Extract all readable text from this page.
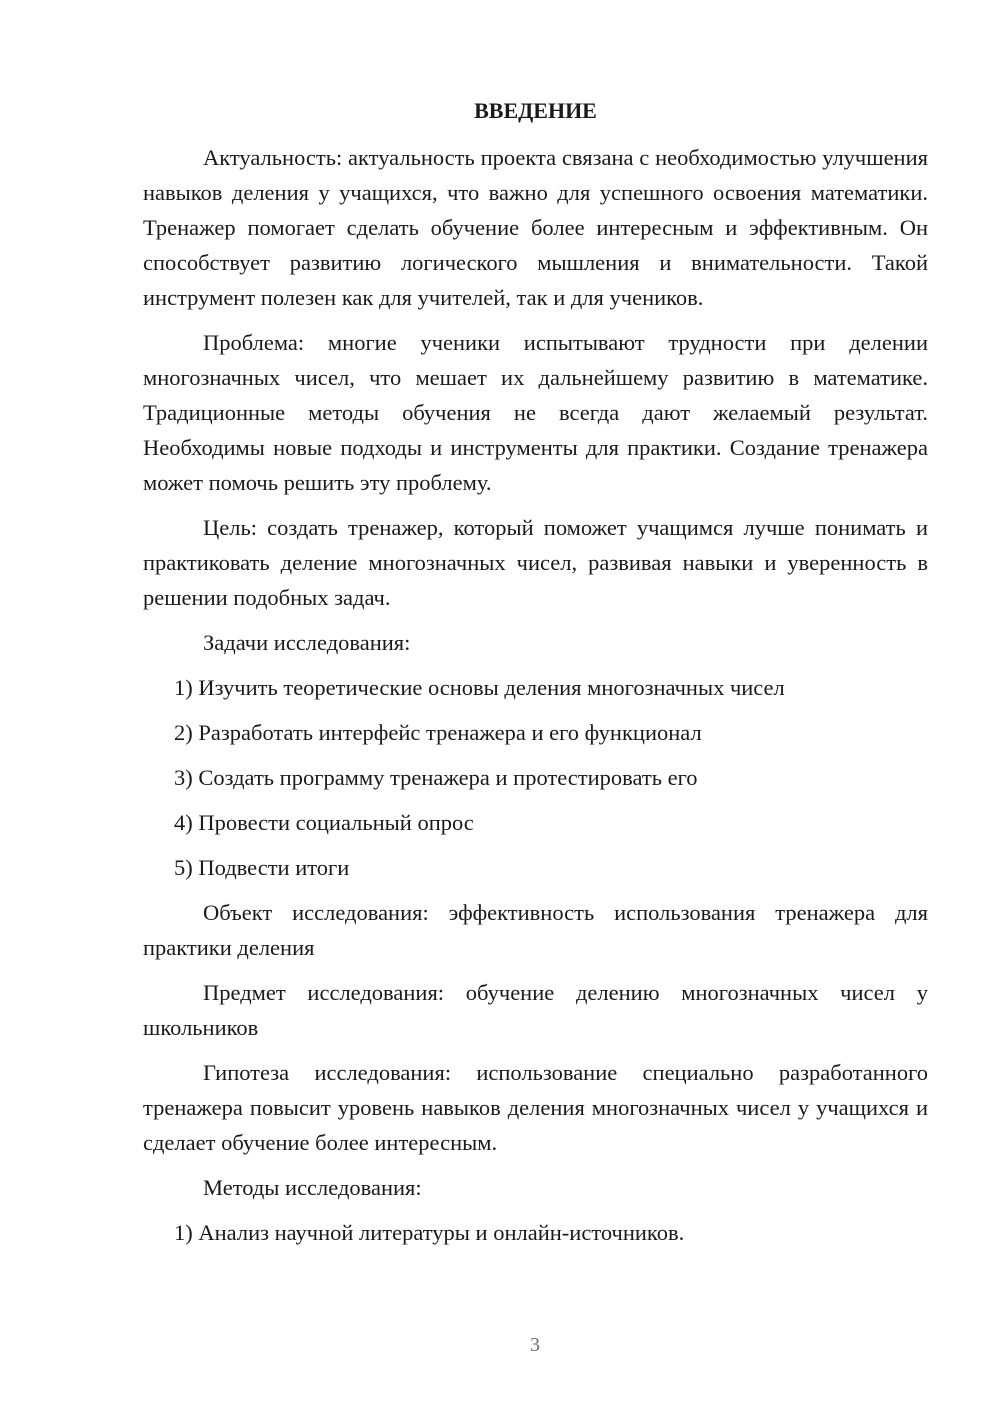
ВВЕДЕНИЕ

Актуальность: актуальность проекта связана с необходимостью улучшения навыков деления у учащихся, что важно для успешного освоения математики. Тренажер помогает сделать обучение более интересным и эффективным. Он способствует развитию логического мышления и внимательности. Такой инструмент полезен как для учителей, так и для учеников.

Проблема: многие ученики испытывают трудности при делении многозначных чисел, что мешает их дальнейшему развитию в математике. Традиционные методы обучения не всегда дают желаемый результат. Необходимы новые подходы и инструменты для практики. Создание тренажера может помочь решить эту проблему.

Цель: создать тренажер, который поможет учащимся лучше понимать и практиковать деление многозначных чисел, развивая навыки и уверенность в решении подобных задач.

Задачи исследования:

1) Изучить теоретические основы деления многозначных чисел

2) Разработать интерфейс тренажера и его функционал

3) Создать программу тренажера и протестировать его

4) Провести социальный опрос

5) Подвести итоги

Объект исследования: эффективность использования тренажера для практики деления

Предмет исследования: обучение делению многозначных чисел у школьников

Гипотеза исследования: использование специально разработанного тренажера повысит уровень навыков деления многозначных чисел у учащихся и сделает обучение более интересным.

Методы исследования:

1) Анализ научной литературы и онлайн-источников.

3
